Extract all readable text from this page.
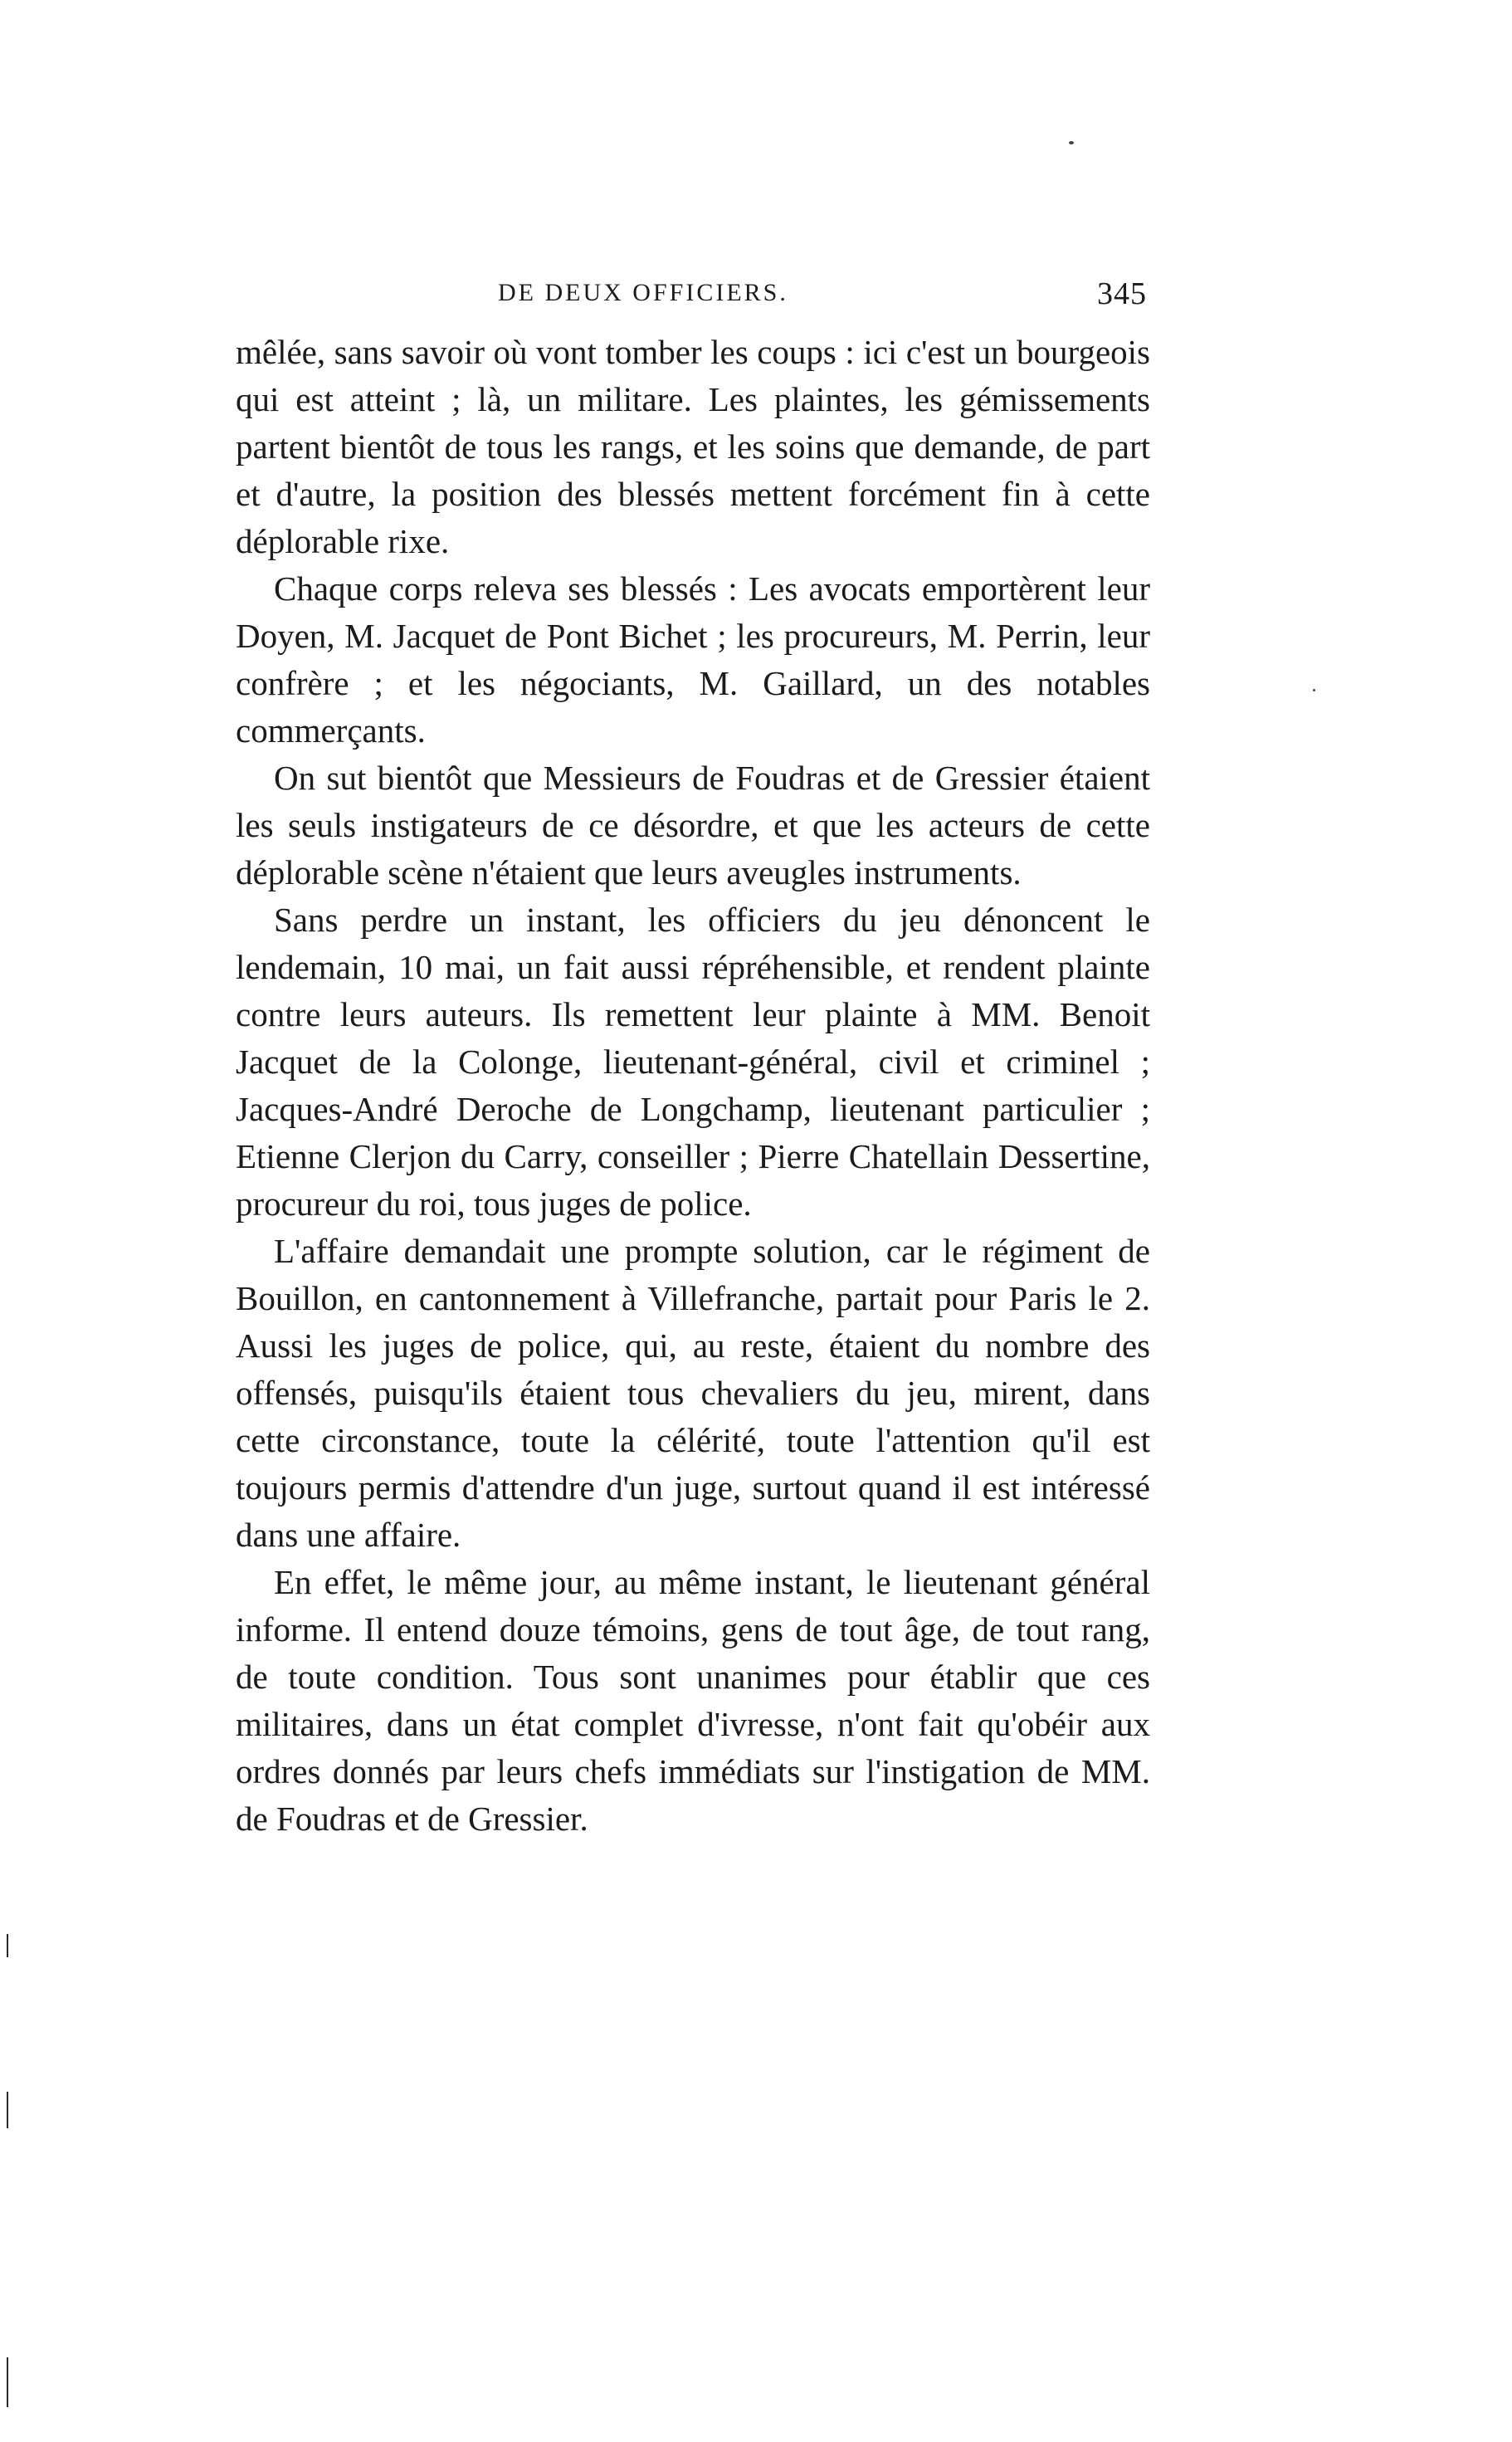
DE DEUX OFFICIERS.	345

mêlée, sans savoir où vont tomber les coups : ici c'est un bourgeois qui est atteint ; là, un militare. Les plaintes, les gémissements partent bientôt de tous les rangs, et les soins que demande, de part et d'autre, la position des blessés mettent forcément fin à cette déplorable rixe.

Chaque corps releva ses blessés : Les avocats emportèrent leur Doyen, M. Jacquet de Pont Bichet ; les procureurs, M. Perrin, leur confrère ; et les négociants, M. Gaillard, un des notables commerçants.

On sut bientôt que Messieurs de Foudras et de Gressier étaient les seuls instigateurs de ce désordre, et que les acteurs de cette déplorable scène n'étaient que leurs aveugles instruments.

Sans perdre un instant, les officiers du jeu dénoncent le lendemain, 10 mai, un fait aussi répréhensible, et rendent plainte contre leurs auteurs. Ils remettent leur plainte à MM. Benoit Jacquet de la Colonge, lieutenant-général, civil et criminel ; Jacques-André Deroche de Longchamp, lieutenant particulier ; Etienne Clerjon du Carry, conseiller ; Pierre Chatellain Dessertine, procureur du roi, tous juges de police.

L'affaire demandait une prompte solution, car le régiment de Bouillon, en cantonnement à Villefranche, partait pour Paris le 2. Aussi les juges de police, qui, au reste, étaient du nombre des offensés, puisqu'ils étaient tous chevaliers du jeu, mirent, dans cette circonstance, toute la célérité, toute l'attention qu'il est toujours permis d'attendre d'un juge, surtout quand il est intéressé dans une affaire.

En effet, le même jour, au même instant, le lieutenant général informe. Il entend douze témoins, gens de tout âge, de tout rang, de toute condition. Tous sont unanimes pour établir que ces militaires, dans un état complet d'ivresse, n'ont fait qu'obéir aux ordres donnés par leurs chefs immédiats sur l'instigation de MM. de Foudras et de Gressier.
